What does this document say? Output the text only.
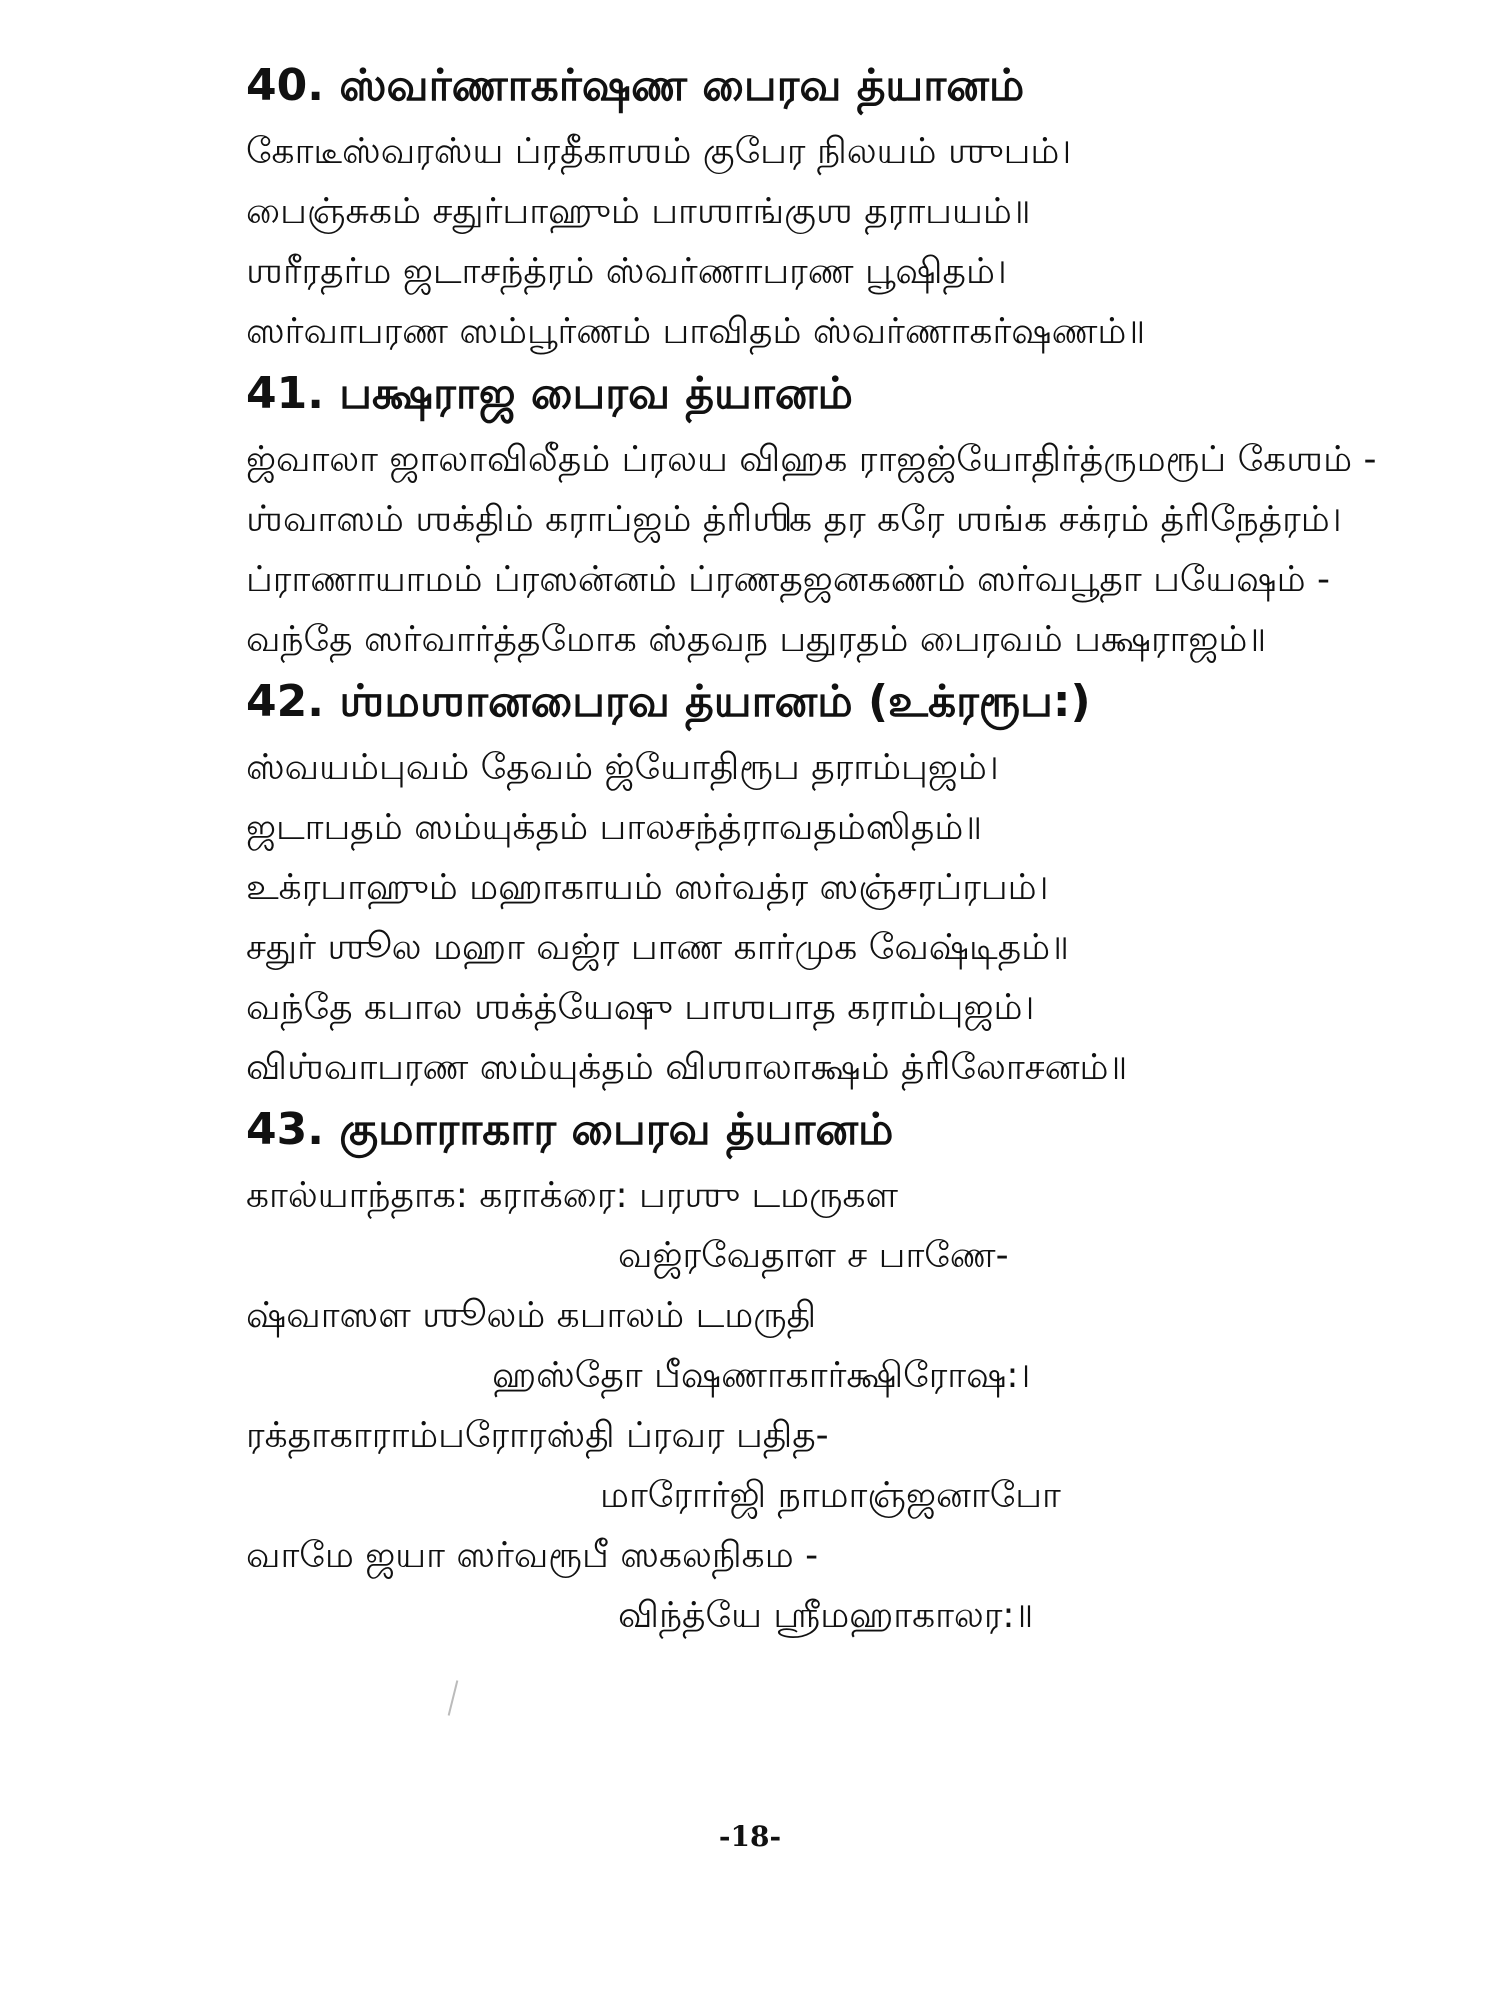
40. ஸ்வர்ணாகர்ஷண பைரவ த்யானம்
கோடீஸ்வரஸ்ய ப்ரதீகாஶம் குபேர நிலயம் ஶுபம்।
பைஞ்சுகம் சதுர்பாஹும் பாஶாங்குஶ தராபயம்॥
ஶரீரதர்ம ஜடாசந்த்ரம் ஸ்வர்ணாபரண பூஷிதம்।
ஸர்வாபரண ஸம்பூர்ணம் பாவிதம் ஸ்வர்ணாகர்ஷணம்॥
41. பக்ஷராஜ பைரவ த்யானம்
ஜ்வாலா ஜாலாவிலீதம் ப்ரலய விஹக ராஜஜ்யோதிர்த்ருமரூப் கேஶம் -
ஶ்வாஸம் ஶக்திம் கராப்ஜம் த்ரிஶிக தர கரே ஶங்க சக்ரம் த்ரிநேத்ரம்।
ப்ராணாயாமம் ப்ரஸன்னம் ப்ரணதஜனகணம் ஸர்வபூதா பயேஷம் -
வந்தே ஸர்வார்த்தமோக ஸ்தவந பதுரதம் பைரவம் பக்ஷராஜம்॥
42. ஶ்மஶானபைரவ த்யானம் (உக்ரரூப:)
ஸ்வயம்புவம் தேவம் ஜ்யோதிரூப தராம்புஜம்।
ஜடாபதம் ஸம்யுக்தம் பாலசந்த்ராவதம்ஸிதம்॥
உக்ரபாஹும் மஹாகாயம் ஸர்வத்ர ஸஞ்சரப்ரபம்।
சதுர் ஶூல மஹா வஜ்ர பாண கார்முக வேஷ்டிதம்॥
வந்தே கபால ஶக்த்யேஷு பாஶபாத கராம்புஜம்।
விஶ்வாபரண ஸம்யுக்தம் விஶாலாக்ஷம் த்ரிலோசனம்॥
43. குமாராகார பைரவ த்யானம்
கால்யாந்தாக: கராக்ரை: பரஶு டமருகள
வஜ்ரவேதாள ச பாணே-
ஷ்வாஸள ஶூலம் கபாலம் டமருதி
ஹஸ்தோ பீஷணாகார்க்ஷிரோஷ:।
ரக்தாகாராம்பரோரஸ்தி ப்ரவர பதித-
மாரோர்ஜி நாமாஞ்ஜனாபோ
வாமே ஜயா ஸர்வரூபீ ஸகலநிகம -
விந்த்யே ஸ்ரீமஹாகாலர:॥
-18-
